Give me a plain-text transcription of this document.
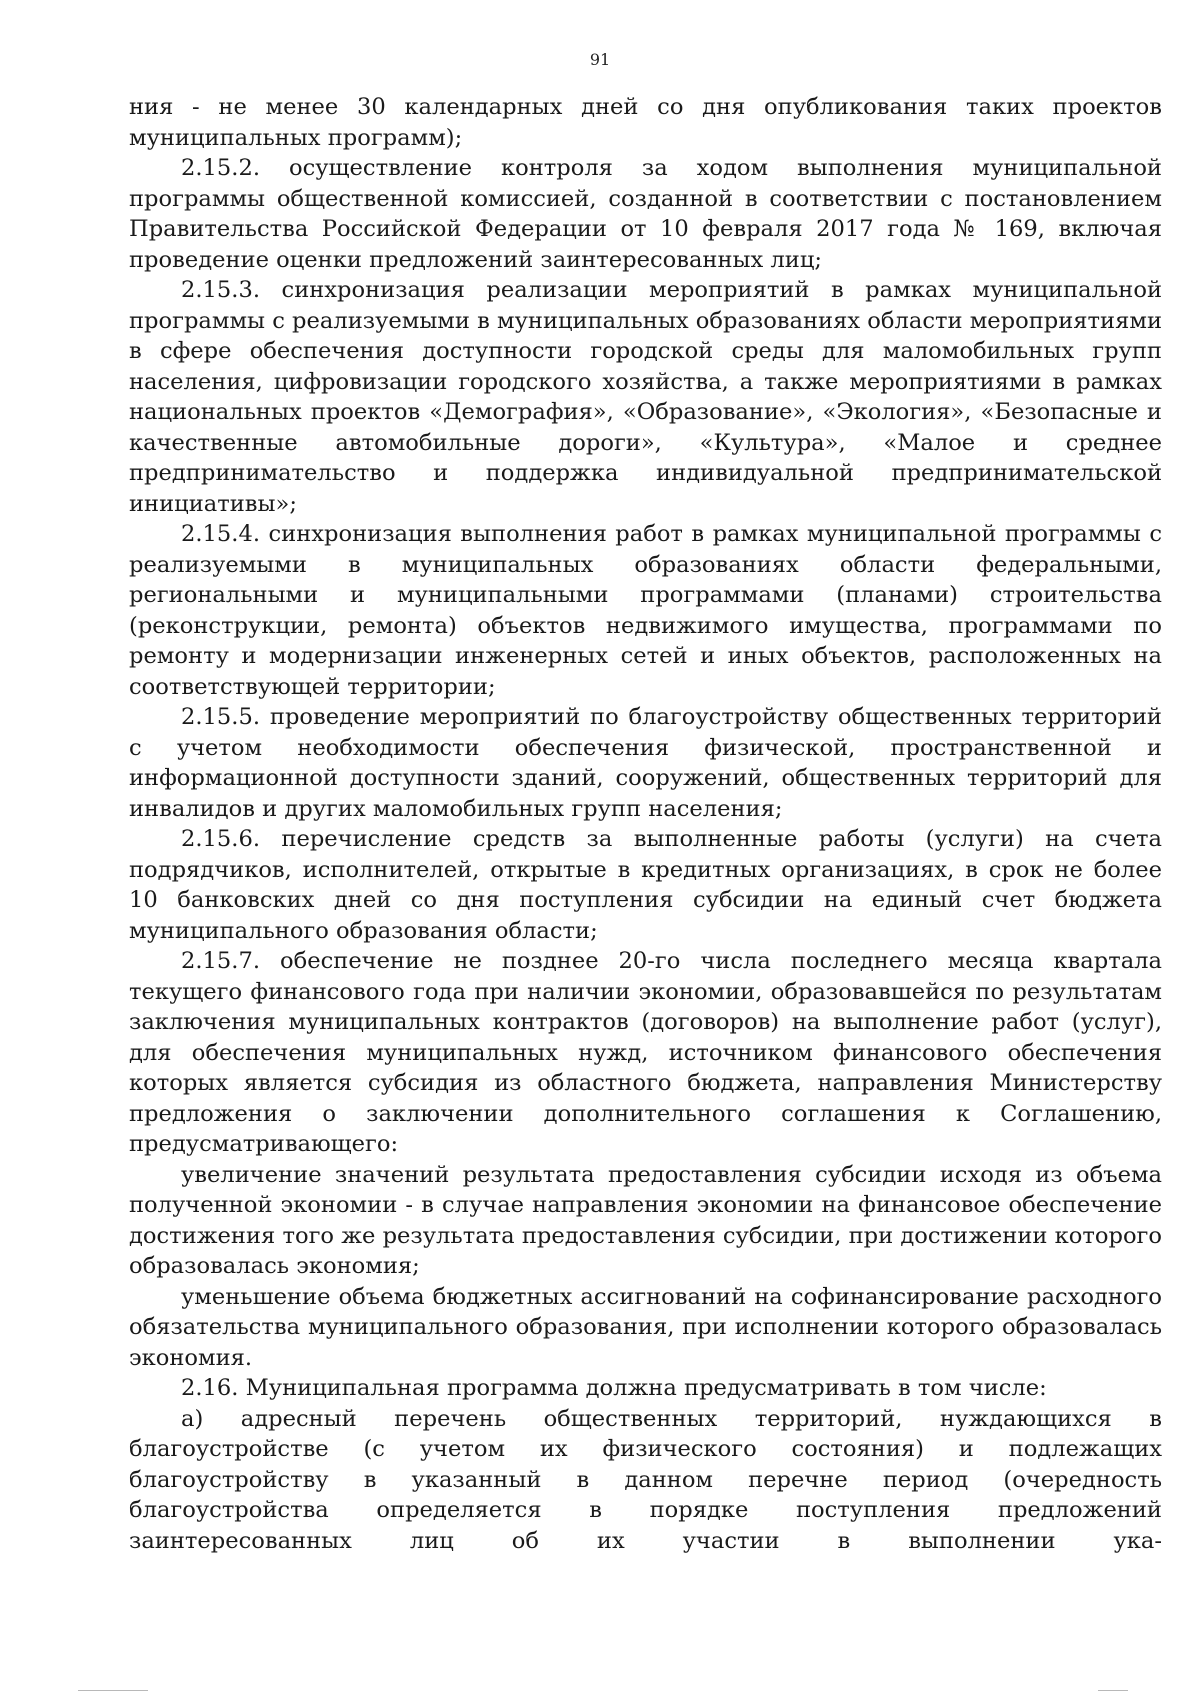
91

ния - не менее 30 календарных дней со дня опубликования таких проектов муниципальных программ);

2.15.2. осуществление контроля за ходом выполнения муниципальной программы общественной комиссией, созданной в соответствии с постановлением Правительства Российской Федерации от 10 февраля 2017 года № 169, включая проведение оценки предложений заинтересованных лиц;

2.15.3. синхронизация реализации мероприятий в рамках муниципальной программы с реализуемыми в муниципальных образованиях области мероприятиями в сфере обеспечения доступности городской среды для маломобильных групп населения, цифровизации городского хозяйства, а также мероприятиями в рамках национальных проектов «Демография», «Образование», «Экология», «Безопасные и качественные автомобильные дороги», «Культура», «Малое и среднее предпринимательство и поддержка индивидуальной предпринимательской инициативы»;

2.15.4. синхронизация выполнения работ в рамках муниципальной программы с реализуемыми в муниципальных образованиях области федеральными, региональными и муниципальными программами (планами) строительства (реконструкции, ремонта) объектов недвижимого имущества, программами по ремонту и модернизации инженерных сетей и иных объектов, расположенных на соответствующей территории;

2.15.5. проведение мероприятий по благоустройству общественных территорий с учетом необходимости обеспечения физической, пространственной и информационной доступности зданий, сооружений, общественных территорий для инвалидов и других маломобильных групп населения;

2.15.6. перечисление средств за выполненные работы (услуги) на счета подрядчиков, исполнителей, открытые в кредитных организациях, в срок не более 10 банковских дней со дня поступления субсидии на единый счет бюджета муниципального образования области;

2.15.7. обеспечение не позднее 20-го числа последнего месяца квартала текущего финансового года при наличии экономии, образовавшейся по результатам заключения муниципальных контрактов (договоров) на выполнение работ (услуг), для обеспечения муниципальных нужд, источником финансового обеспечения которых является субсидия из областного бюджета, направления Министерству предложения о заключении дополнительного соглашения к Соглашению, предусматривающего:

увеличение значений результата предоставления субсидии исходя из объема полученной экономии - в случае направления экономии на финансовое обеспечение достижения того же результата предоставления субсидии, при достижении которого образовалась экономия;

уменьшение объема бюджетных ассигнований на софинансирование расходного обязательства муниципального образования, при исполнении которого образовалась экономия.

2.16. Муниципальная программа должна предусматривать в том числе:

а) адресный перечень общественных территорий, нуждающихся в благоустройстве (с учетом их физического состояния) и подлежащих благоустройству в указанный в данном перечне период (очередность благоустройства определяется в порядке поступления предложений заинтересованных лиц об их участии в выполнении ука-
